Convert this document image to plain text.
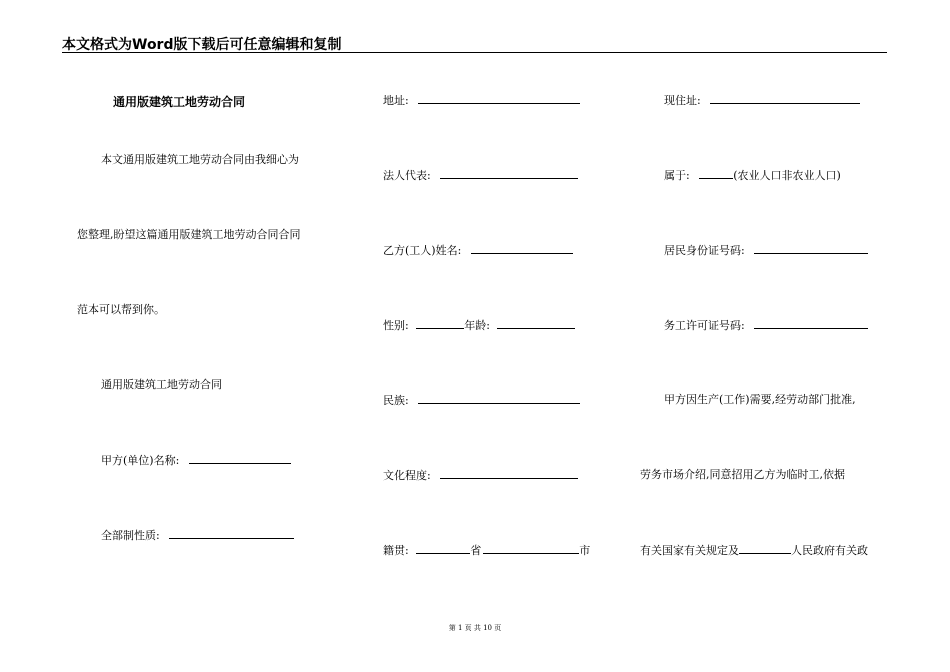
本文格式为Word版下载后可任意编辑和复制
通用版建筑工地劳动合同
本文通用版建筑工地劳动合同由我细心为
您整理,盼望这篇通用版建筑工地劳动合同合同
范本可以帮到你。
通用版建筑工地劳动合同
甲方(单位)名称:
全部制性质:
地址:
法人代表:
乙方(工人)姓名:
性别:	年龄:
民族:
文化程度:
籍贯:	省	市
现住址:
属于:	(农业人口非农业人口)
居民身份证号码:
务工许可证号码:
甲方因生产(工作)需要,经劳动部门批准,
劳务市场介绍,同意招用乙方为临时工,依据
有关国家有关规定及	人民政府有关政
第 1 页 共 10 页
